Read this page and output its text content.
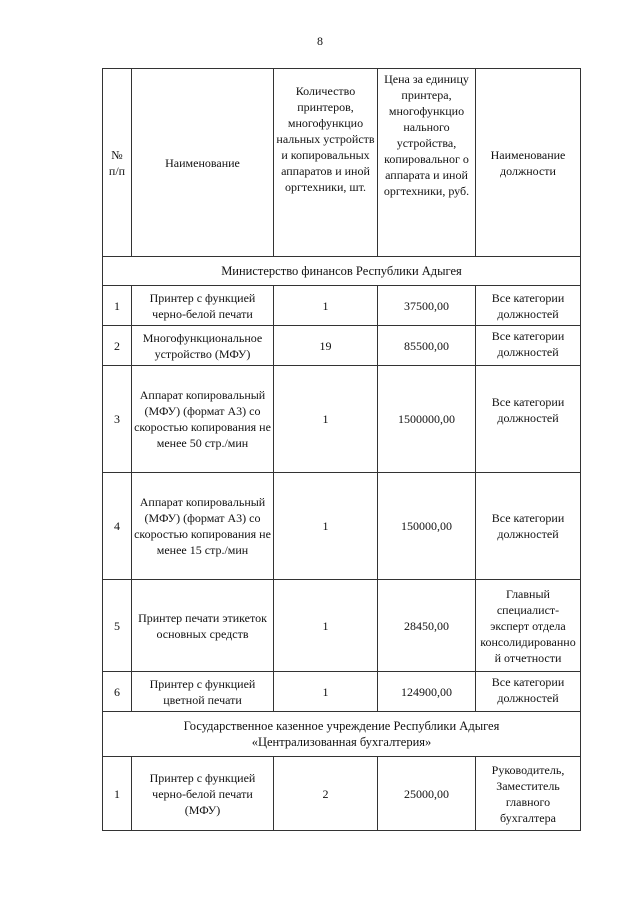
8
№ п/п	Наименование	Количество принтеров, многофункцио нальных устройств и копировальных аппаратов и иной оргтехники, шт.	Цена за единицу принтера, многофункцио нального устройства, копировальног о аппарата и иной оргтехники, руб.	Наименование должности
Министерство финансов Республики Адыгея				
1	Принтер с функцией черно-белой печати	1	37500,00	Все категории должностей
2	Многофункциональное устройство (МФУ)	19	85500,00	Все категории должностей
3	Аппарат копировальный (МФУ) (формат А3) со скоростью копирования не менее 50 стр./мин	1	1500000,00	Все категории должностей
4	Аппарат копировальный (МФУ) (формат А3) со скоростью копирования не менее 15 стр./мин	1	150000,00	Все категории должностей
5	Принтер печати этикеток основных средств	1	28450,00	Главный специалист-эксперт отдела консолидированной отчетности
6	Принтер с функцией цветной печати	1	124900,00	Все категории должностей
Государственное казенное учреждение Республики Адыгея «Централизованная бухгалтерия»				
1	Принтер с функцией черно-белой печати (МФУ)	2	25000,00	Руководитель, Заместитель главного бухгалтера
